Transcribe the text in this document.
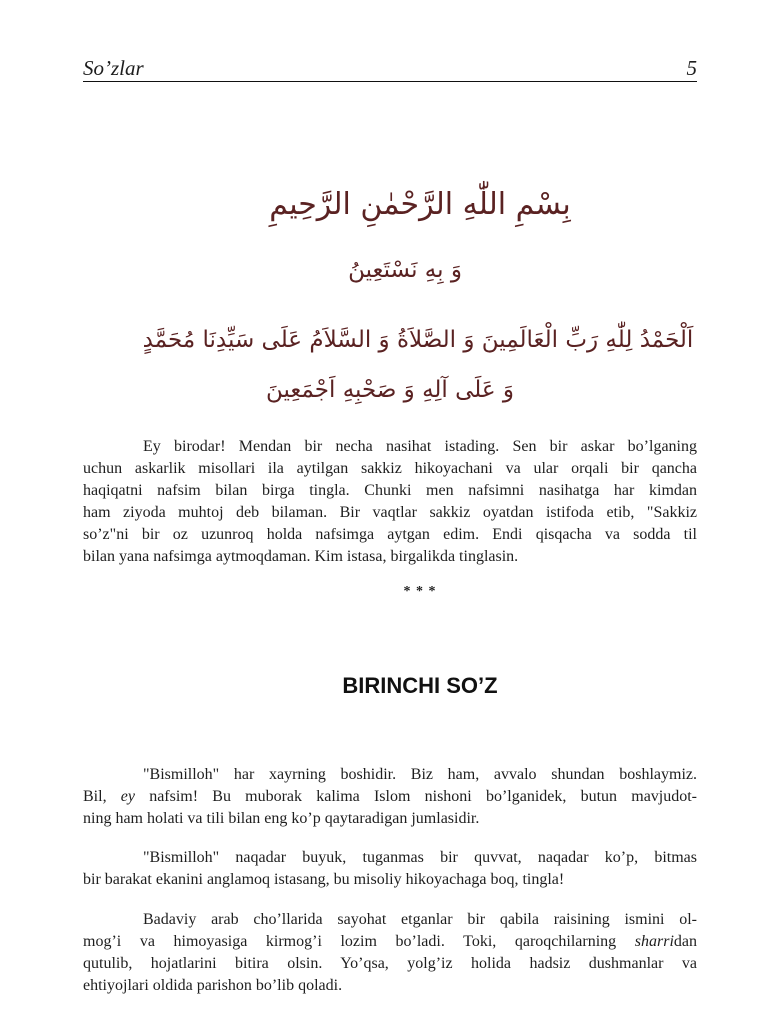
So’zlar	5
بِسْمِ اللّٰهِ الرَّحْمٰنِ الرَّحِيمِ
وَ بِهِ نَسْتَعِينُ
اَلْحَمْدُ لِلّٰهِ رَبِّ الْعَالَمِينَ وَ الصَّلاَةُ وَ السَّلاَمُ عَلَى سَيِّدِنَا مُحَمَّدٍ
وَ عَلَى آلِهِ وَ صَحْبِهِ اَجْمَعِينَ
Ey birodar! Mendan bir necha nasihat istading. Sen bir askar bo’lganing
uchun askarlik misollari ila aytilgan sakkiz hikoyachani va ular orqali bir qancha
haqiqatni nafsim bilan birga tingla. Chunki men nafsimni nasihatga har kimdan
ham ziyoda muhtoj deb bilaman. Bir vaqtlar sakkiz oyatdan istifoda etib, "Sakkiz
so’z"ni bir oz uzunroq holda nafsimga aytgan edim. Endi qisqacha va sodda til
bilan yana nafsimga aytmoqdaman. Kim istasa, birgalikda tinglasin.
* * *
BIRINCHI SO’Z
"Bismilloh" har xayrning boshidir. Biz ham, avvalo shundan boshlaymiz.
Bil, ey nafsim! Bu muborak kalima Islom nishoni bo’lganidek, butun mavjudot-
ning ham holati va tili bilan eng ko’p qaytaradigan jumlasidir.
"Bismilloh" naqadar buyuk, tuganmas bir quvvat, naqadar ko’p, bitmas
bir barakat ekanini anglamoq istasang, bu misoliy hikoyachaga boq, tingla!
Badaviy arab cho’llarida sayohat etganlar bir qabila raisining ismini ol-
mog’i va himoyasiga kirmog’i lozim bo’ladi. Toki, qaroqchilarning sharridan
qutulib, hojatlarini bitira olsin. Yo’qsa, yolg’iz holida hadsiz dushmanlar va
ehtiyojlari oldida parishon bo’lib qoladi.
